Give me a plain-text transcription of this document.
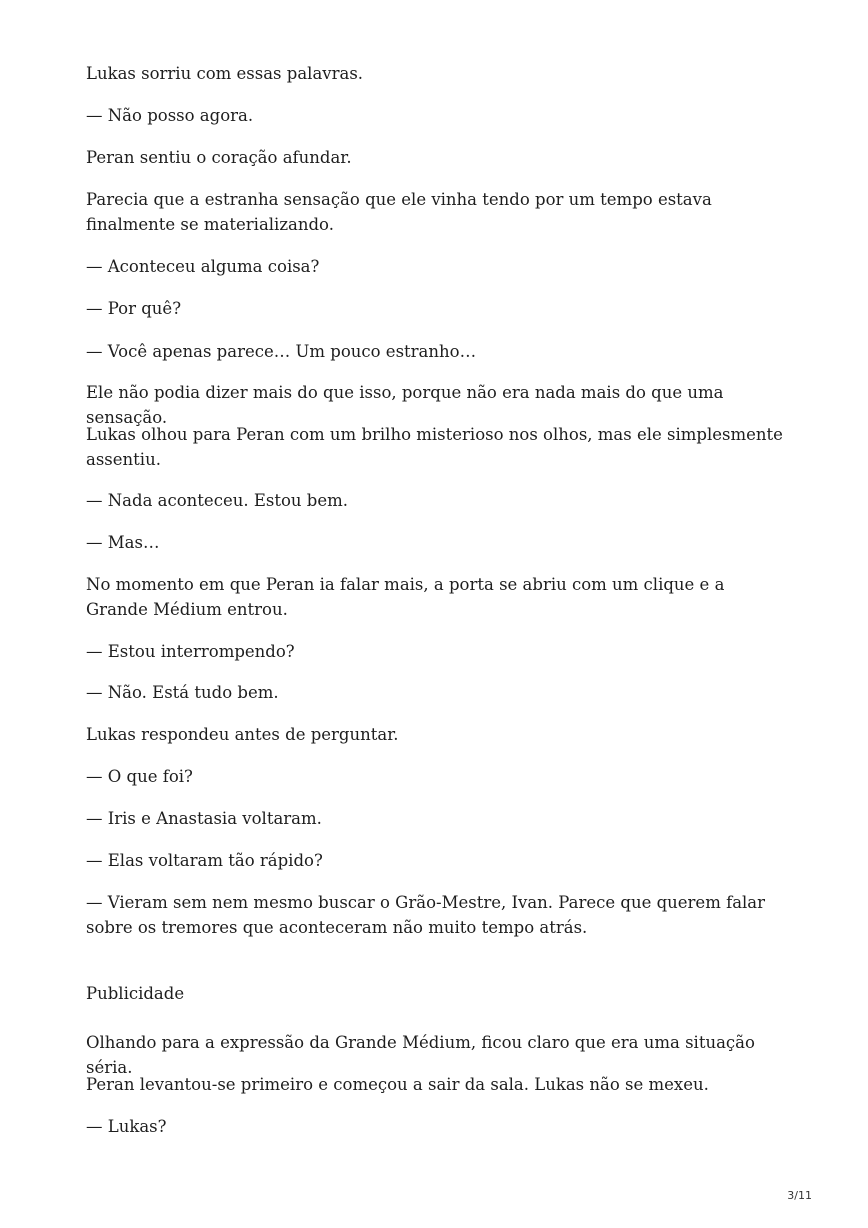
Lukas sorriu com essas palavras.

— Não posso agora.

Peran sentiu o coração afundar.

Parecia que a estranha sensação que ele vinha tendo por um tempo estava finalmente se materializando.

— Aconteceu alguma coisa?

— Por quê?

— Você apenas parece… Um pouco estranho…

Ele não podia dizer mais do que isso, porque não era nada mais do que uma sensação.

Lukas olhou para Peran com um brilho misterioso nos olhos, mas ele simplesmente assentiu.

— Nada aconteceu. Estou bem.

— Mas…

No momento em que Peran ia falar mais, a porta se abriu com um clique e a Grande Médium entrou.

— Estou interrompendo?

— Não. Está tudo bem.

Lukas respondeu antes de perguntar.

— O que foi?

— Iris e Anastasia voltaram.

— Elas voltaram tão rápido?

— Vieram sem nem mesmo buscar o Grão-Mestre, Ivan. Parece que querem falar sobre os tremores que aconteceram não muito tempo atrás.

Publicidade

Olhando para a expressão da Grande Médium, ficou claro que era uma situação séria.

Peran levantou-se primeiro e começou a sair da sala. Lukas não se mexeu.

— Lukas?

3/11
